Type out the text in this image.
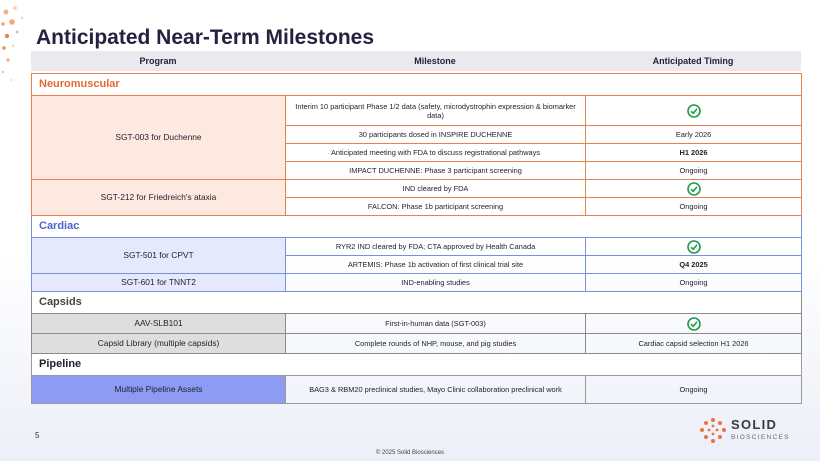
Anticipated Near-Term Milestones
Program	Milestone	Anticipated Timing
Neuromuscular		
SGT-003 for Duchenne	Interim 10 participant Phase 1/2 data (safety, microdystrophin expression & biomarker data)	
	30 participants dosed in INSPIRE DUCHENNE	Early 2026
	Anticipated meeting with FDA to discuss registrational pathways	H1 2026
	IMPACT DUCHENNE: Phase 3 participant screening	Ongoing
SGT-212 for Friedreich's ataxia	IND cleared by FDA	
	FALCON: Phase 1b participant screening	Ongoing
Cardiac		
SGT-501 for CPVT	RYR2 IND cleared by FDA; CTA approved by Health Canada	
	ARTEMIS: Phase 1b activation of first clinical trial site	Q4 2025
SGT-601 for TNNT2	IND-enabling studies	Ongoing
Capsids		
AAV-SLB101	First-in-human data (SGT-003)	
Capsid Library (multiple capsids)	Complete rounds of NHP, mouse, and pig studies	Cardiac capsid selection H1 2026
Pipeline		
Multiple Pipeline Assets	BAG3 & RBM20 preclinical studies, Mayo Clinic collaboration preclinical work	Ongoing
5
SOLID
BIOSCIENCES
© 2025 Solid Biosciences
